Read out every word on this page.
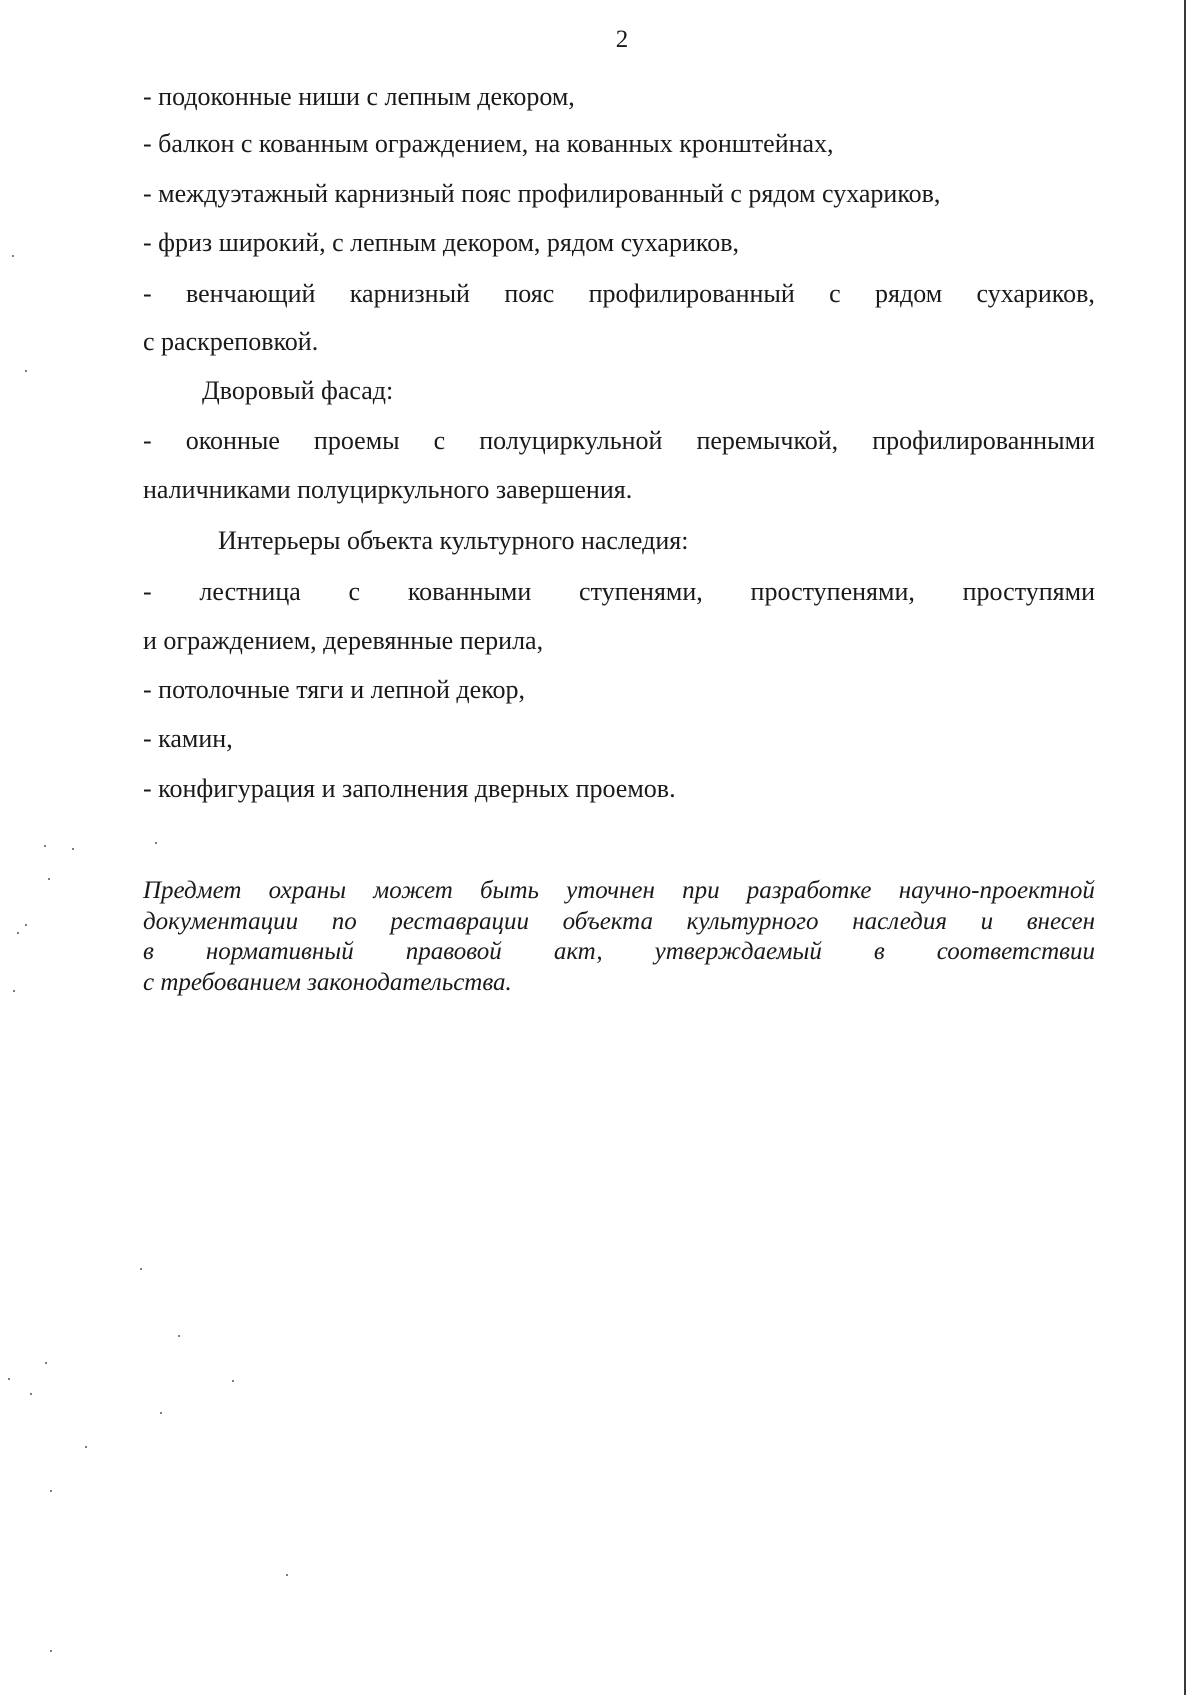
2
- подоконные ниши с лепным декором,
- балкон с кованным ограждением, на кованных кронштейнах,
- междуэтажный карнизный пояс профилированный с рядом сухариков,
- фриз широкий, с лепным декором, рядом сухариков,
- венчающий карнизный пояс профилированный с рядом сухариков,
с раскреповкой.
Дворовый фасад:
- оконные проемы с полуциркульной перемычкой, профилированными
наличниками полуциркульного завершения.
Интерьеры объекта культурного наследия:
- лестница с кованными ступенями, проступенями, проступями
и ограждением, деревянные перила,
- потолочные тяги и лепной декор,
- камин,
- конфигурация и заполнения дверных проемов.
Предмет охраны может быть уточнен при разработке научно-проектной
документации по реставрации объекта культурного наследия и внесен
в нормативный правовой акт, утверждаемый в соответствии
с требованием законодательства.
